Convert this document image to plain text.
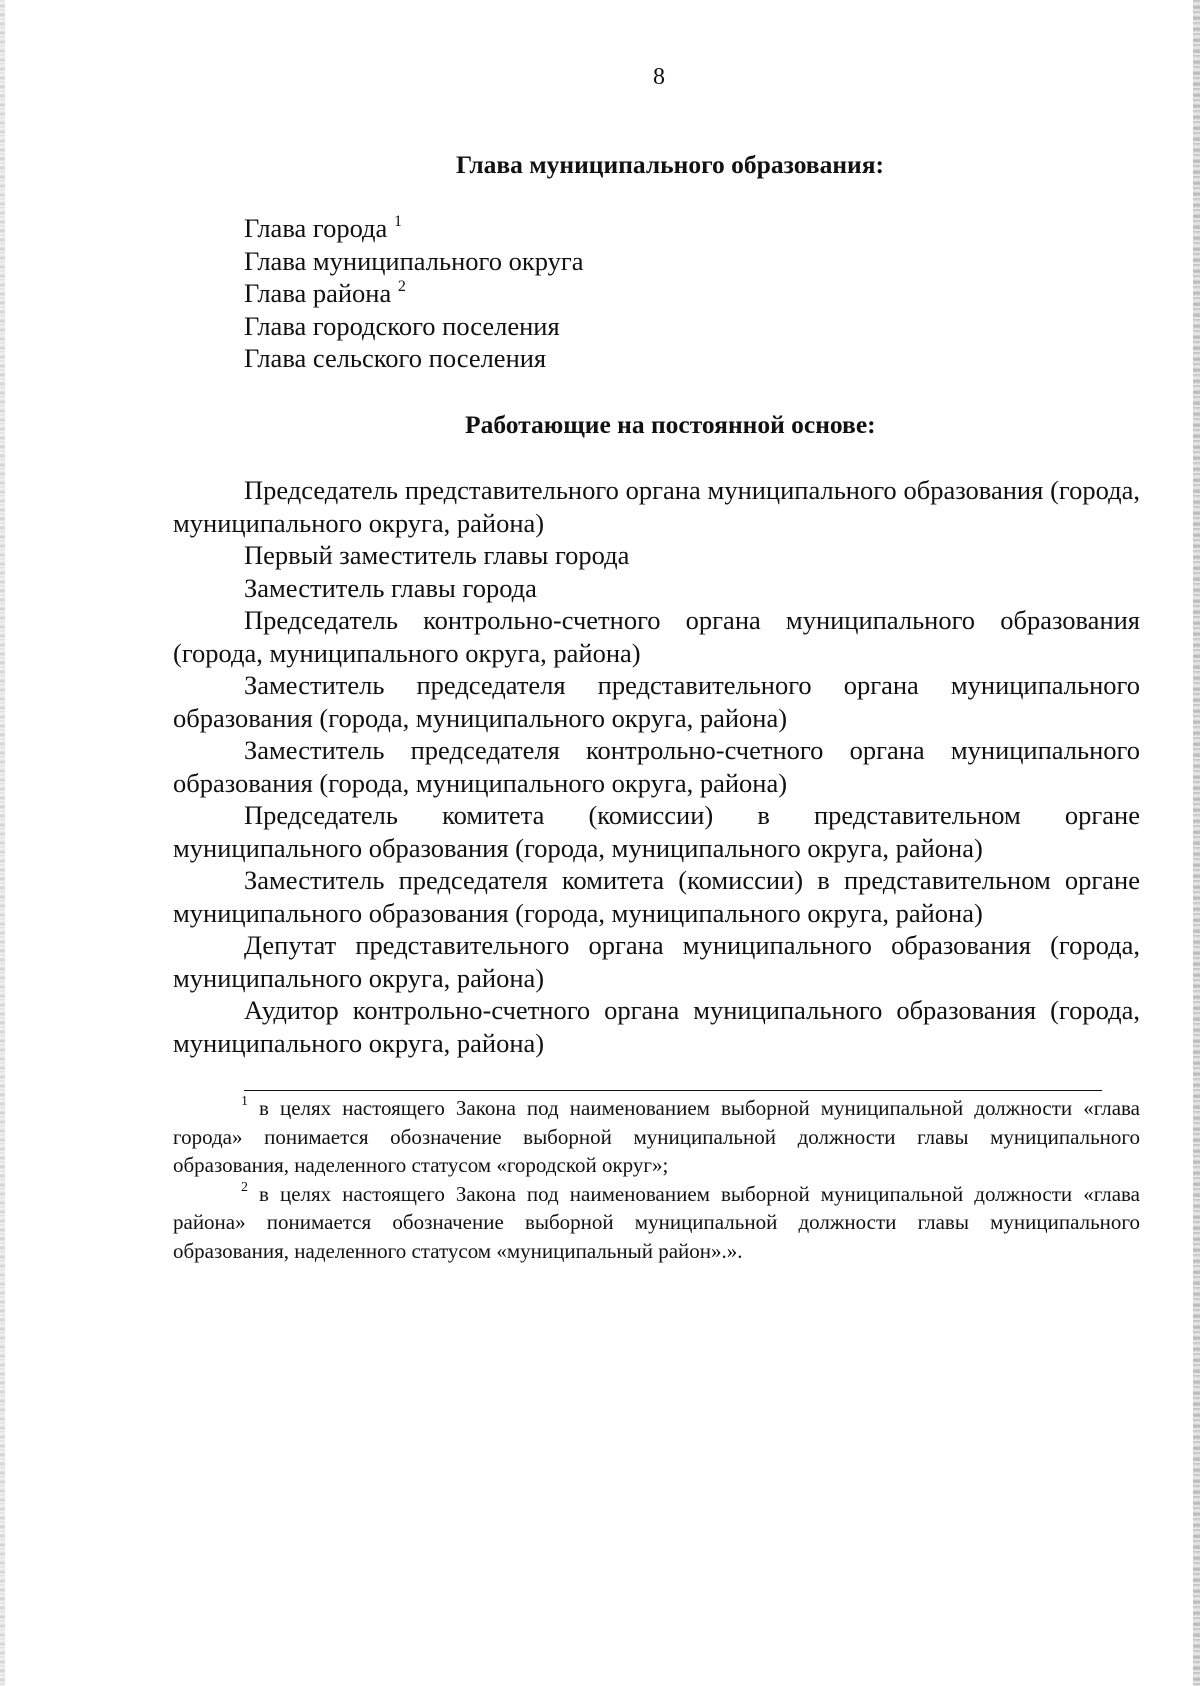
8
Глава муниципального образования:
Глава города $^1$
Глава муниципального округа
Глава района $^2$
Глава городского поселения
Глава сельского поселения
Работающие на постоянной основе:

Председатель представительного органа муниципального образования (города, муниципального округа, района)

Первый заместитель главы города

Заместитель главы города

Председатель контрольно-счетного органа муниципального образования (города, муниципального округа, района)

Заместитель председателя представительного органа муниципального образования (города, муниципального округа, района)

Заместитель председателя контрольно-счетного органа муниципального образования (города, муниципального округа, района)

Председатель комитета (комиссии) в представительном органе муниципального образования (города, муниципального округа, района)

Заместитель председателя комитета (комиссии) в представительном органе муниципального образования (города, муниципального округа, района)

Депутат представительного органа муниципального образования (города, муниципального округа, района)

Аудитор контрольно-счетного органа муниципального образования (города, муниципального округа, района)

$^1$ в целях настоящего Закона под наименованием выборной муниципальной должности «глава города» понимается обозначение выборной муниципальной должности главы муниципального образования, наделенного статусом «городской округ»;

$^2$ в целях настоящего Закона под наименованием выборной муниципальной должности «глава района» понимается обозначение выборной муниципальной должности главы муниципального образования, наделенного статусом «муниципальный район».».
